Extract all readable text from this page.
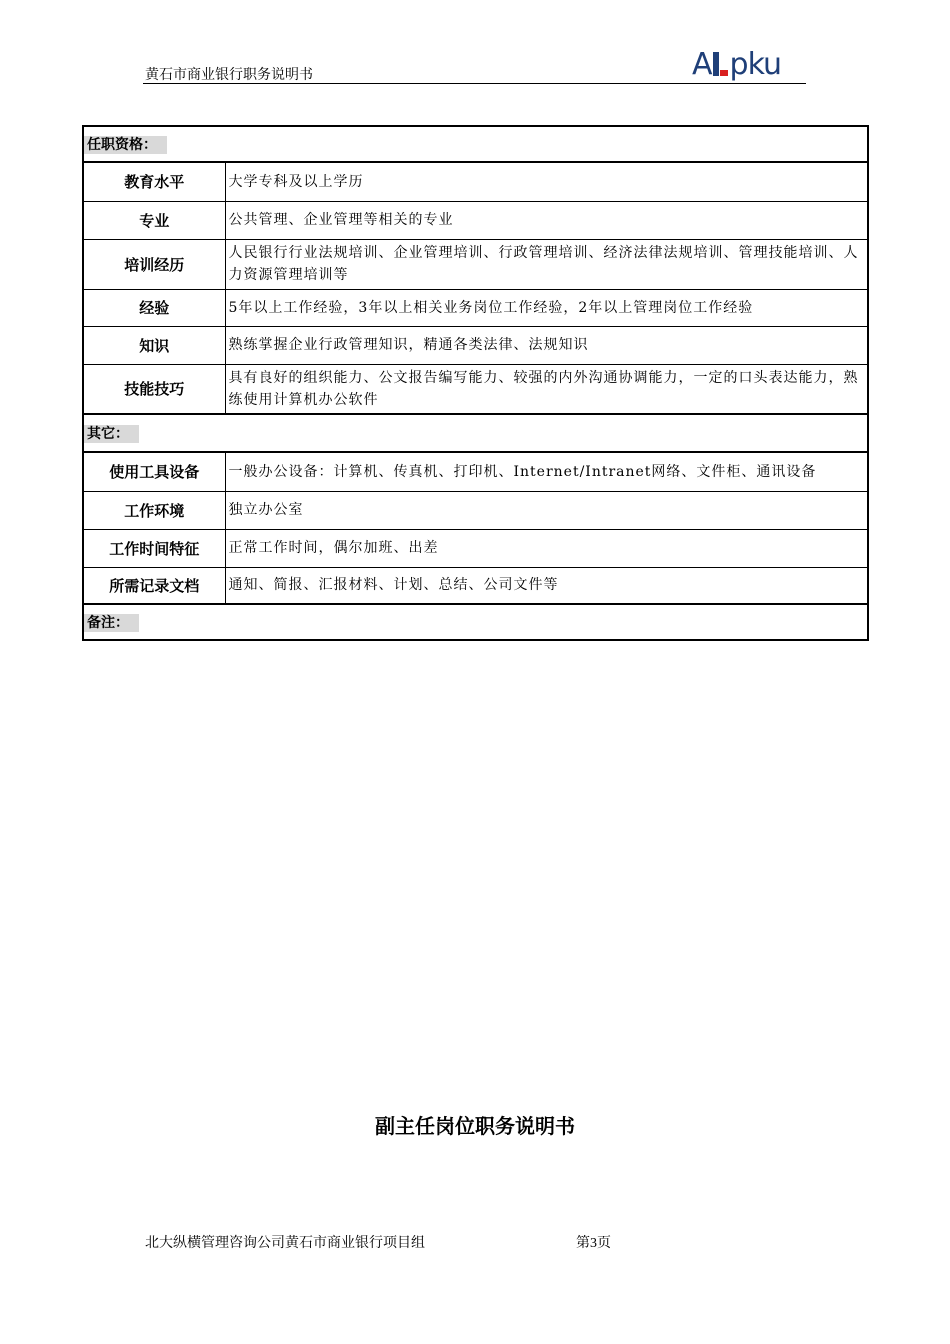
黄石市商业银行职务说明书	A pku
任职资格：	
教育水平	大学专科及以上学历
专业	公共管理、企业管理等相关的专业
培训经历	人民银行行业法规培训、企业管理培训、行政管理培训、经济法律法规培训、管理技能培训、人力资源管理培训等
经验	5年以上工作经验，3年以上相关业务岗位工作经验，2年以上管理岗位工作经验
知识	熟练掌握企业行政管理知识，精通各类法律、法规知识
技能技巧	具有良好的组织能力、公文报告编写能力、较强的内外沟通协调能力，一定的口头表达能力，熟练使用计算机办公软件
其它：	
使用工具设备	一般办公设备：计算机、传真机、打印机、Internet/Intranet网络、文件柜、通讯设备
工作环境	独立办公室
工作时间特征	正常工作时间，偶尔加班、出差
所需记录文档	通知、简报、汇报材料、计划、总结、公司文件等
备注：	
副主任岗位职务说明书
北大纵横管理咨询公司黄石市商业银行项目组	第3页
